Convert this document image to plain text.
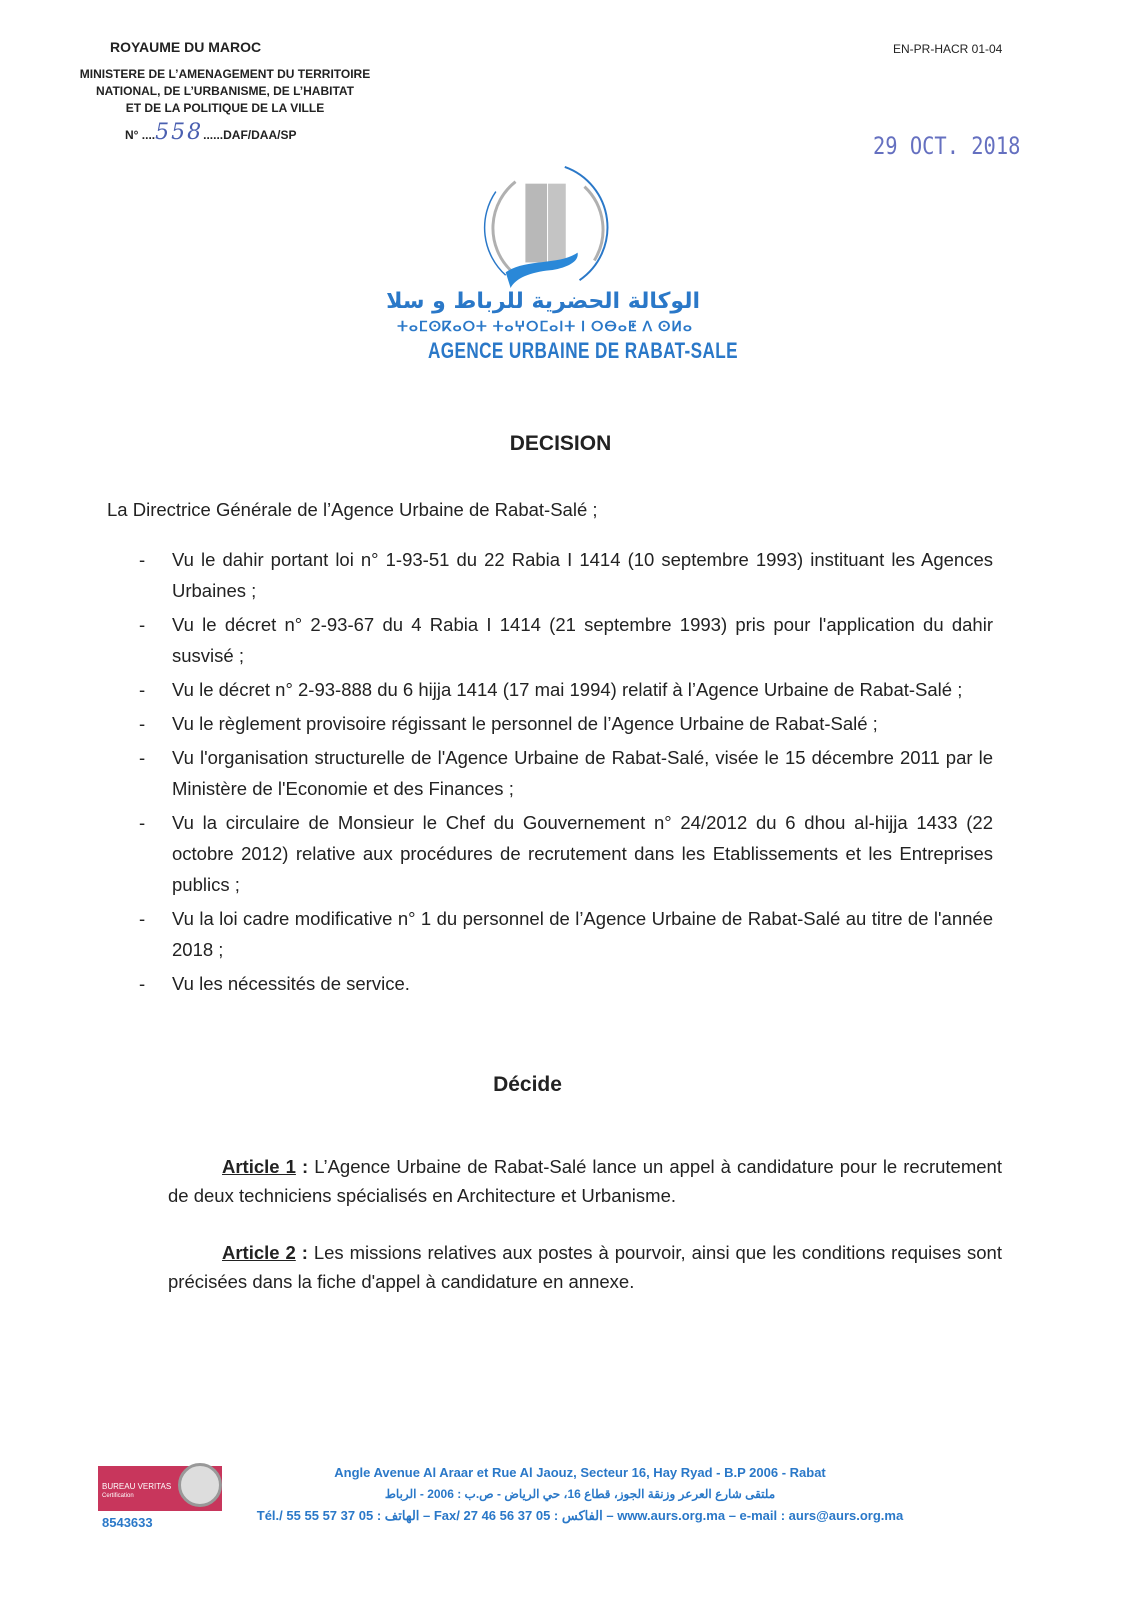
ROYAUME DU MAROC	EN-PR-HACR 01-04
MINISTERE DE L’AMENAGEMENT DU TERRITOIRE
NATIONAL, DE L’URBANISME, DE L’HABITAT
ET DE LA POLITIQUE DE LA VILLE
N° ....558......DAF/DAA/SP	29 OCT. 2018
الوكالة الحضرية للرباط و سلا
ⵜⴰⵎⵙⴽⴰⵔⵜ ⵜⴰⵖⵔⵎⴰⵏⵜ ⵏ ⵔⴱⴰⵟ ⴷ ⵙⵍⴰ
AGENCE URBAINE DE RABAT-SALE
DECISION
La Directrice Générale de l’Agence Urbaine de Rabat-Salé ;
- Vu le dahir portant loi n° 1-93-51 du 22 Rabia I 1414 (10 septembre 1993) instituant les Agences Urbaines ;
- Vu le décret n° 2-93-67 du 4 Rabia I 1414 (21 septembre 1993) pris pour l'application du dahir susvisé ;
- Vu le décret n° 2-93-888 du 6 hijja 1414 (17 mai 1994) relatif à l’Agence Urbaine de Rabat-Salé ;
- Vu le règlement provisoire régissant le personnel de l’Agence Urbaine de Rabat-Salé ;
- Vu l'organisation structurelle de l'Agence Urbaine de Rabat-Salé, visée le 15 décembre 2011 par le Ministère de l'Economie et des Finances ;
- Vu la circulaire de Monsieur le Chef du Gouvernement n° 24/2012 du 6 dhou al-hijja 1433 (22 octobre 2012) relative aux procédures de recrutement dans les Etablissements et les Entreprises publics ;
- Vu la loi cadre modificative n° 1 du personnel de l’Agence Urbaine de Rabat-Salé au titre de l'année 2018 ;
- Vu les nécessités de service.
Décide
Article 1 : L’Agence Urbaine de Rabat-Salé lance un appel à candidature pour le recrutement de deux techniciens spécialisés en Architecture et Urbanisme.
Article 2 : Les missions relatives aux postes à pourvoir, ainsi que les conditions requises sont précisées dans la fiche d'appel à candidature en annexe.
BUREAU VERITAS
Certification
8543633
Angle Avenue Al Araar et Rue Al Jaouz, Secteur 16, Hay Ryad - B.P 2006 - Rabat
ملتقى شارع العرعر وزنقة الجوز، قطاع 16، حي الرياض - ص.ب : 2006 - الرباط
Tél./ الهاتف : 05 37 57 55 55 – Fax/ الفاكس : 05 37 56 46 27 – www.aurs.org.ma – e-mail : aurs@aurs.org.ma
